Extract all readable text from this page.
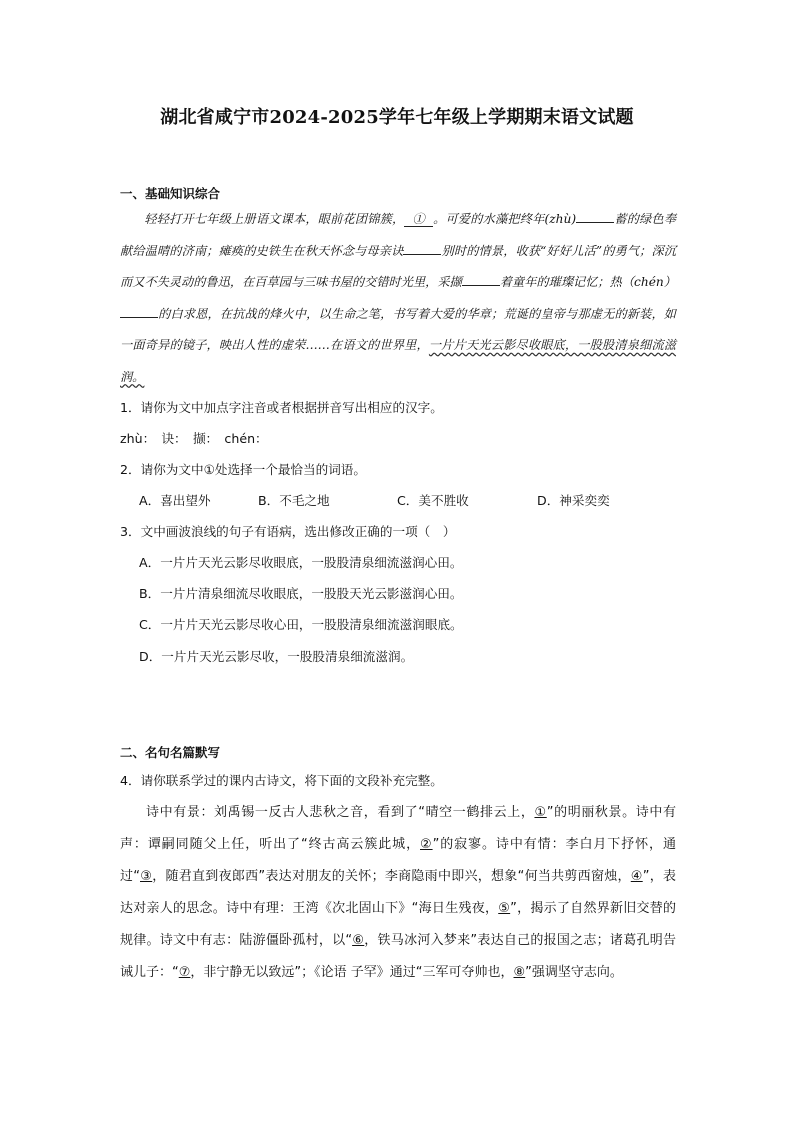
湖北省咸宁市2024-2025学年七年级上学期期末语文试题
一、基础知识综合
轻轻打开七年级上册语文课本，眼前花团锦簇， ① 。可爱的水藻把终年(zhù)	蓄的绿色奉献给温晴的济南；瘫痪的史铁生在秋天怀念与母亲诀	别时的情景，收获“好好儿活”的勇气；深沉而又不失灵动的鲁迅，在百草园与三味书屋的交错时光里，采撷	着童年的璀璨记忆；热（chén）的白求恩，在抗战的烽火中，以生命之笔，书写着大爱的华章；荒诞的皇帝与那虚无的新装，如一面奇异的镜子，映出人性的虚荣……在语文的世界里，一片片天光云影尽收眼底，一股股清泉细流滋润。
1．请你为文中加点字注音或者根据拼音写出相应的汉字。
zhù：　诀：　撷：　chén：
2．请你为文中①处选择一个最恰当的词语。
A．喜出望外	B．不毛之地	C．美不胜收	D．神采奕奕
3．文中画波浪线的句子有语病，选出修改正确的一项（　）
A．一片片天光云影尽收眼底，一股股清泉细流滋润心田。
B．一片片清泉细流尽收眼底，一股股天光云影滋润心田。
C．一片片天光云影尽收心田，一股股清泉细流滋润眼底。
D．一片片天光云影尽收，一股股清泉细流滋润。
二、名句名篇默写
4．请你联系学过的课内古诗文，将下面的文段补充完整。
诗中有景：刘禹锡一反古人悲秋之音，看到了“晴空一鹤排云上，①”的明丽秋景。诗中有声：谭嗣同随父上任，听出了“终古高云簇此城，②”的寂寥。诗中有情：李白月下抒怀，通过“③，随君直到夜郎西”表达对朋友的关怀；李商隐雨中即兴，想象“何当共剪西窗烛，④”，表达对亲人的思念。诗中有理：王湾《次北固山下》“海日生残夜，⑤”，揭示了自然界新旧交替的规律。诗文中有志：陆游僵卧孤村，以“⑥，铁马冰河入梦来”表达自己的报国之志；诸葛孔明告诫儿子：“⑦，非宁静无以致远”；《论语 子罕》通过“三军可夺帅也，⑧”强调坚守志向。
